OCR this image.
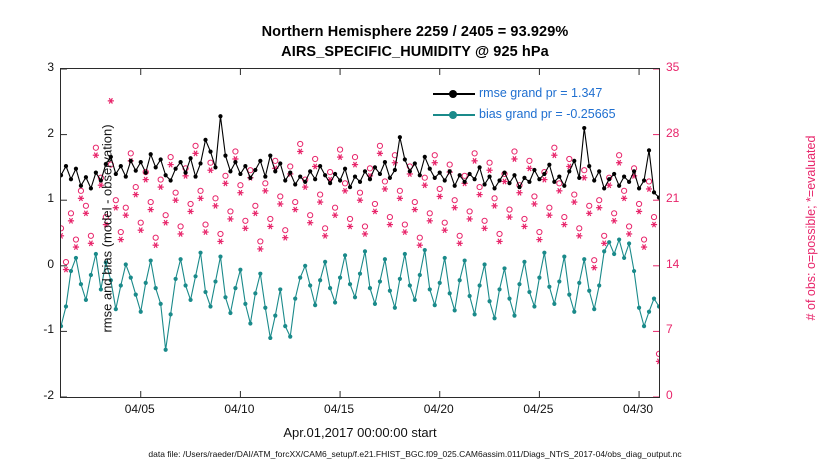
Northern Hemisphere 2259 / 2405 = 93.929%
AIRS_SPECIFIC_HUMIDITY @ 925 hPa
rmse grand pr = 1.347
bias grand pr = -0.25665
rmse and bias (model - observation)	# of obs: o=possible; *=evaluated
3
2
1
0
-1
-2
35
28
21
14
7
0
04/05	04/10	04/15	04/20	04/25	04/30
Apr.01,2017 00:00:00 start
data file: /Users/raeder/DAI/ATM_forcXX/CAM6_setup/f.e21.FHIST_BGC.f09_025.CAM6assim.011/Diags_NTrS_2017-04/obs_diag_output.nc
